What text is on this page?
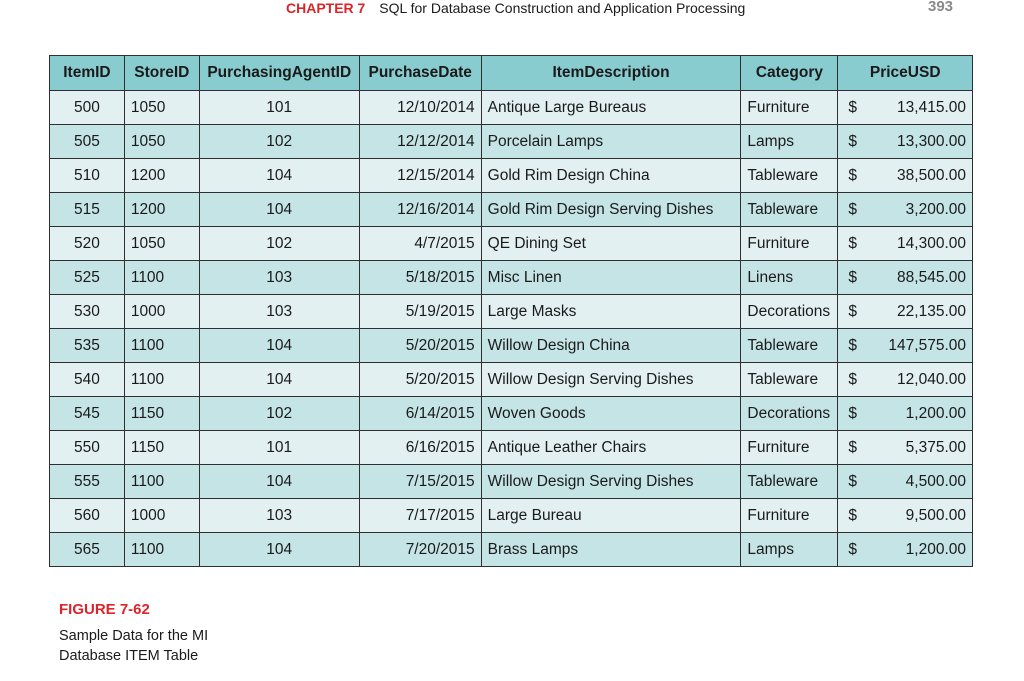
CHAPTER 7 SQL for Database Construction and Application Processing	393
ItemID	StoreID	PurchasingAgentID	PurchaseDate	ItemDescription	Category	PriceUSD
500	1050	101	12/10/2014	Antique Large Bureaus	Furniture	$ 13,415.00
505	1050	102	12/12/2014	Porcelain Lamps	Lamps	$ 13,300.00
510	1200	104	12/15/2014	Gold Rim Design China	Tableware	$ 38,500.00
515	1200	104	12/16/2014	Gold Rim Design Serving Dishes	Tableware	$ 3,200.00
520	1050	102	4/7/2015	QE Dining Set	Furniture	$ 14,300.00
525	1100	103	5/18/2015	Misc Linen	Linens	$ 88,545.00
530	1000	103	5/19/2015	Large Masks	Decorations	$ 22,135.00
535	1100	104	5/20/2015	Willow Design China	Tableware	$ 147,575.00
540	1100	104	5/20/2015	Willow Design Serving Dishes	Tableware	$ 12,040.00
545	1150	102	6/14/2015	Woven Goods	Decorations	$ 1,200.00
550	1150	101	6/16/2015	Antique Leather Chairs	Furniture	$ 5,375.00
555	1100	104	7/15/2015	Willow Design Serving Dishes	Tableware	$ 4,500.00
560	1000	103	7/17/2015	Large Bureau	Furniture	$ 9,500.00
565	1100	104	7/20/2015	Brass Lamps	Lamps	$ 1,200.00
FIGURE 7-62
Sample Data for the MI
Database ITEM Table
